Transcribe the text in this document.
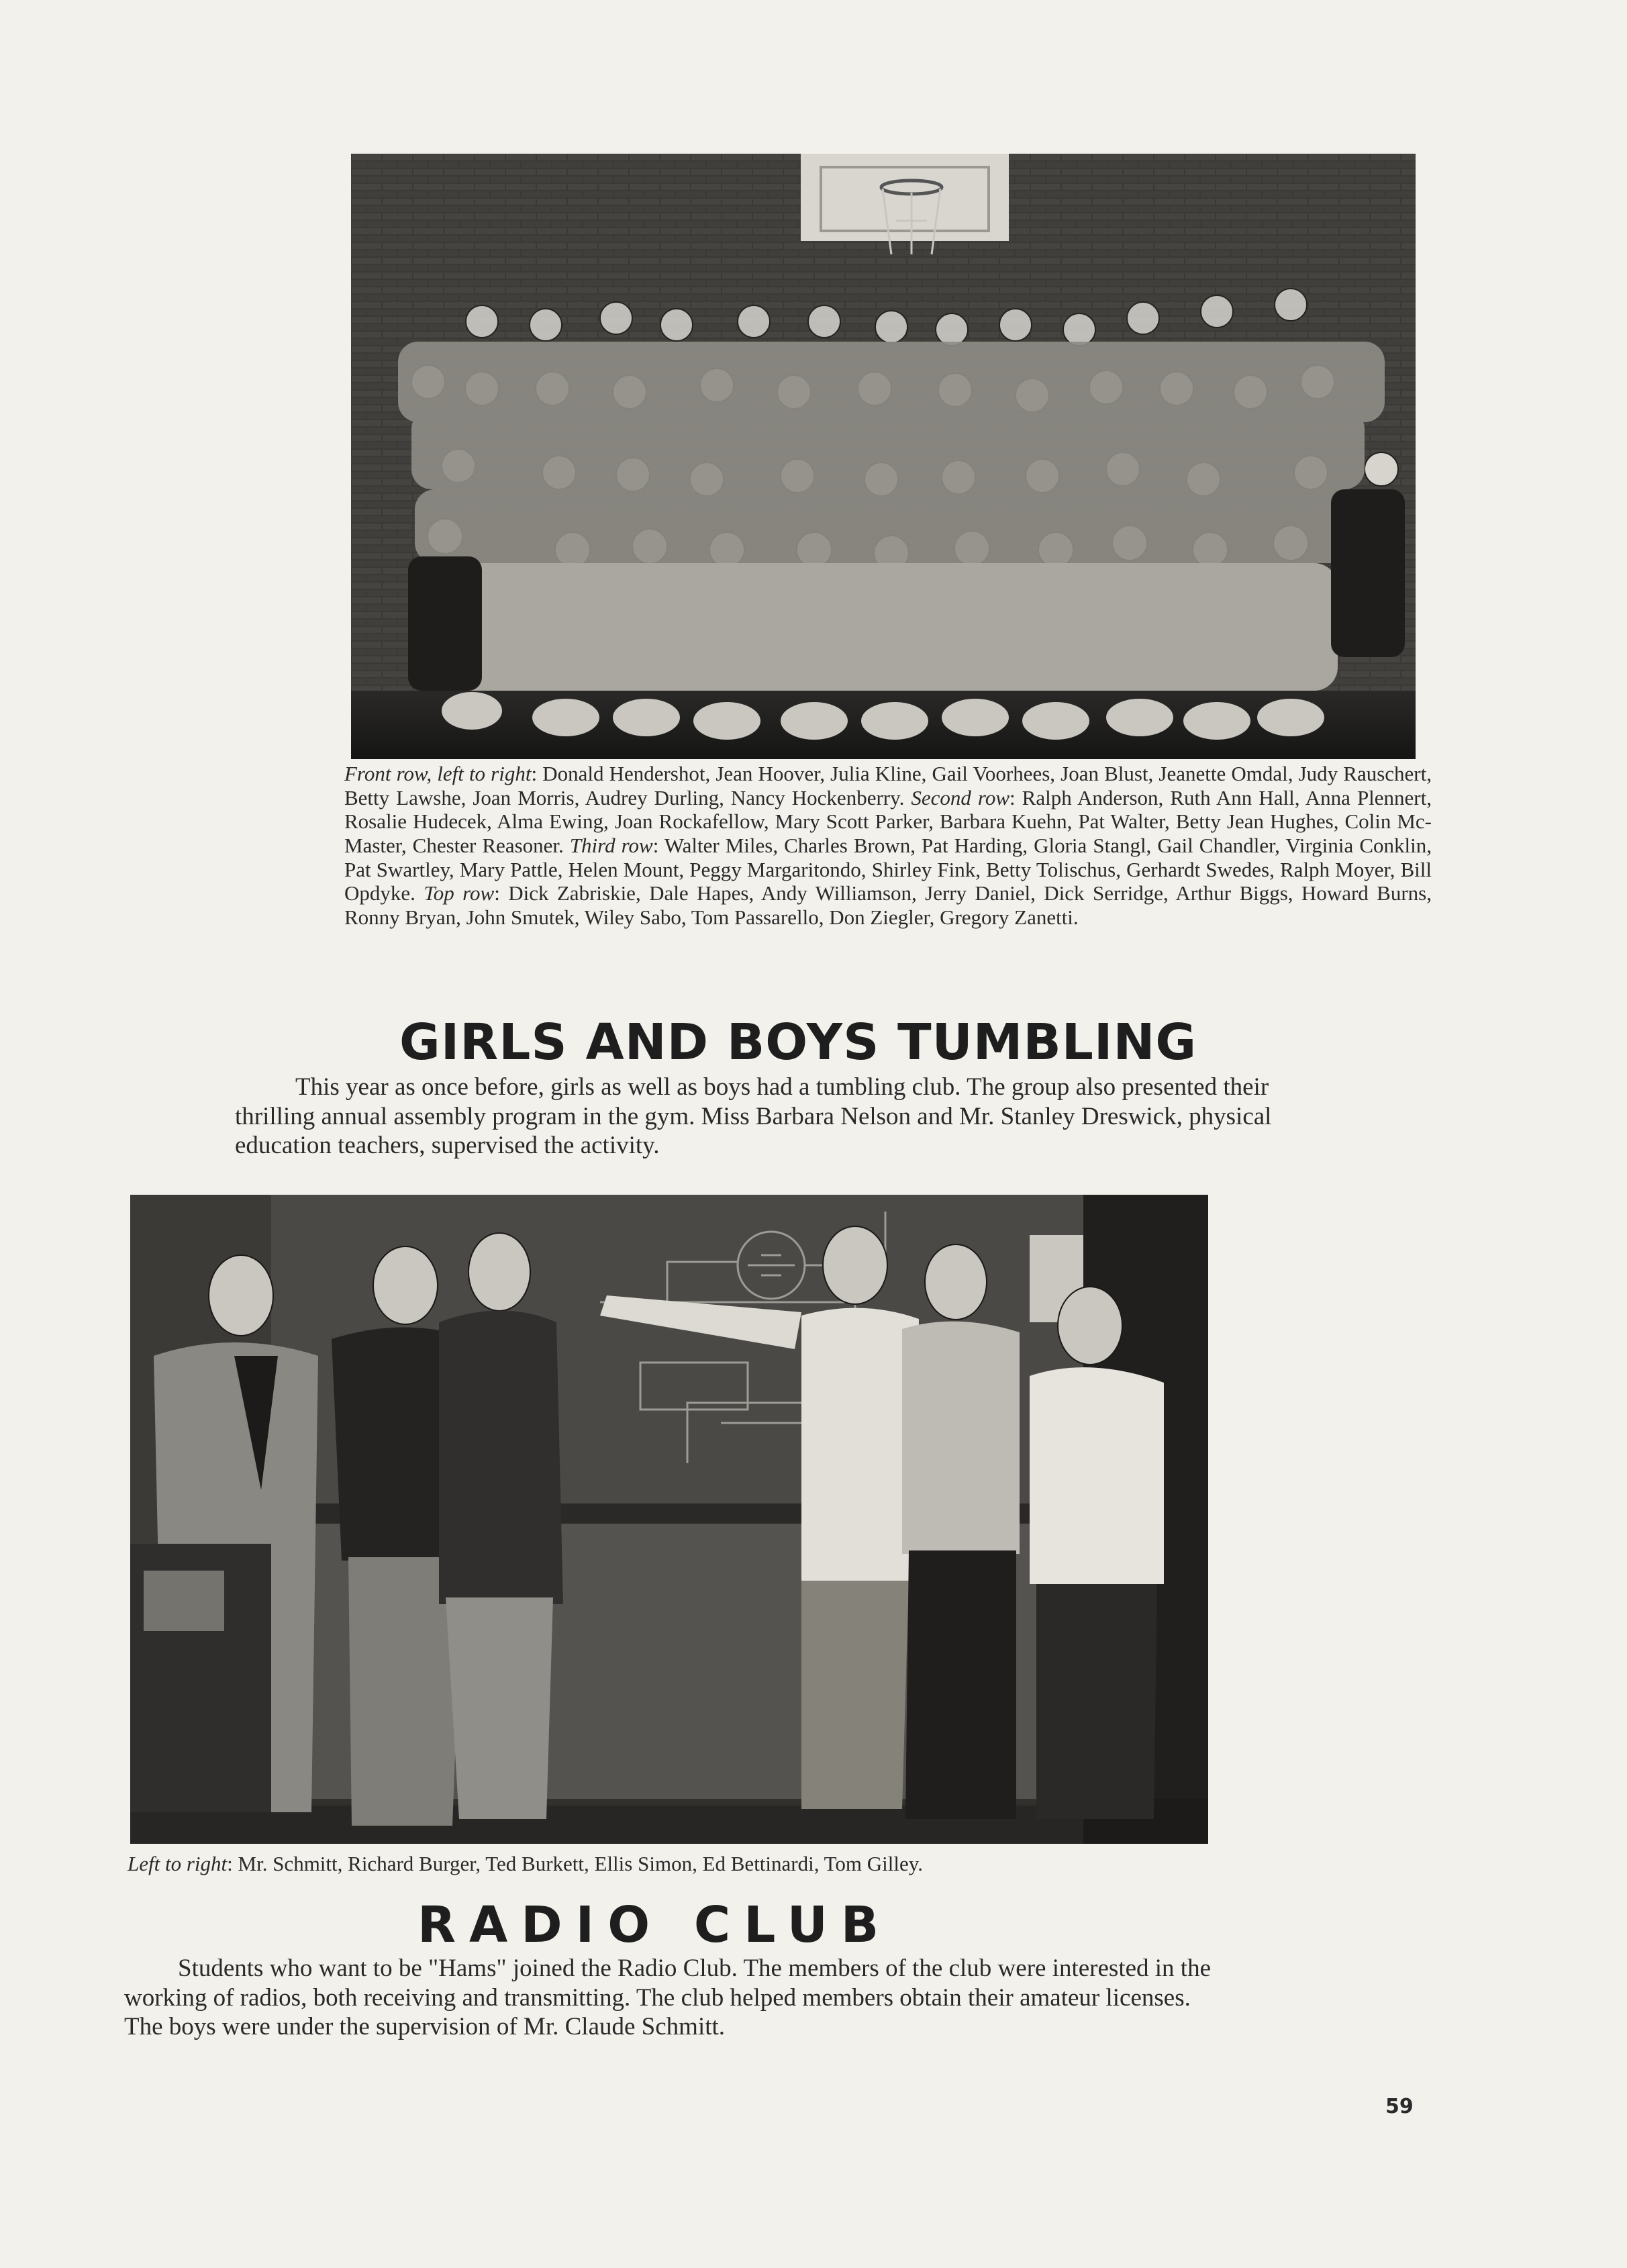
Front row, left to right: Donald Hendershot, Jean Hoover, Julia Kline, Gail Voorhees, Joan Blust, Jeanette Omdal, Judy Rauschert, Betty Lawshe, Joan Morris, Audrey Durling, Nancy Hockenberry. Second row: Ralph Anderson, Ruth Ann Hall, Anna Plennert, Rosalie Hudecek, Alma Ewing, Joan Rockafellow, Mary Scott Parker, Barbara Kuehn, Pat Walter, Betty Jean Hughes, Colin Mc-Master, Chester Reasoner. Third row: Walter Miles, Charles Brown, Pat Harding, Gloria Stangl, Gail Chandler, Virginia Conklin, Pat Swartley, Mary Pattle, Helen Mount, Peggy Margaritondo, Shirley Fink, Betty Tolischus, Gerhardt Swedes, Ralph Moyer, Bill Opdyke. Top row: Dick Zabriskie, Dale Hapes, Andy Williamson, Jerry Daniel, Dick Serridge, Arthur Biggs, Howard Burns, Ronny Bryan, John Smutek, Wiley Sabo, Tom Passarello, Don Ziegler, Gregory Zanetti.
GIRLS AND BOYS TUMBLING

This year as once before, girls as well as boys had a tumbling club. The group also presented their thrilling annual assembly program in the gym. Miss Barbara Nelson and Mr. Stanley Dreswick, physical education teachers, supervised the activity.

Left to right: Mr. Schmitt, Richard Burger, Ted Burkett, Ellis Simon, Ed Bettinardi, Tom Gilley.
RADIO CLUB

Students who want to be "Hams" joined the Radio Club. The members of the club were interested in the working of radios, both receiving and transmitting. The club helped members obtain their amateur licenses. The boys were under the supervision of Mr. Claude Schmitt.

59
